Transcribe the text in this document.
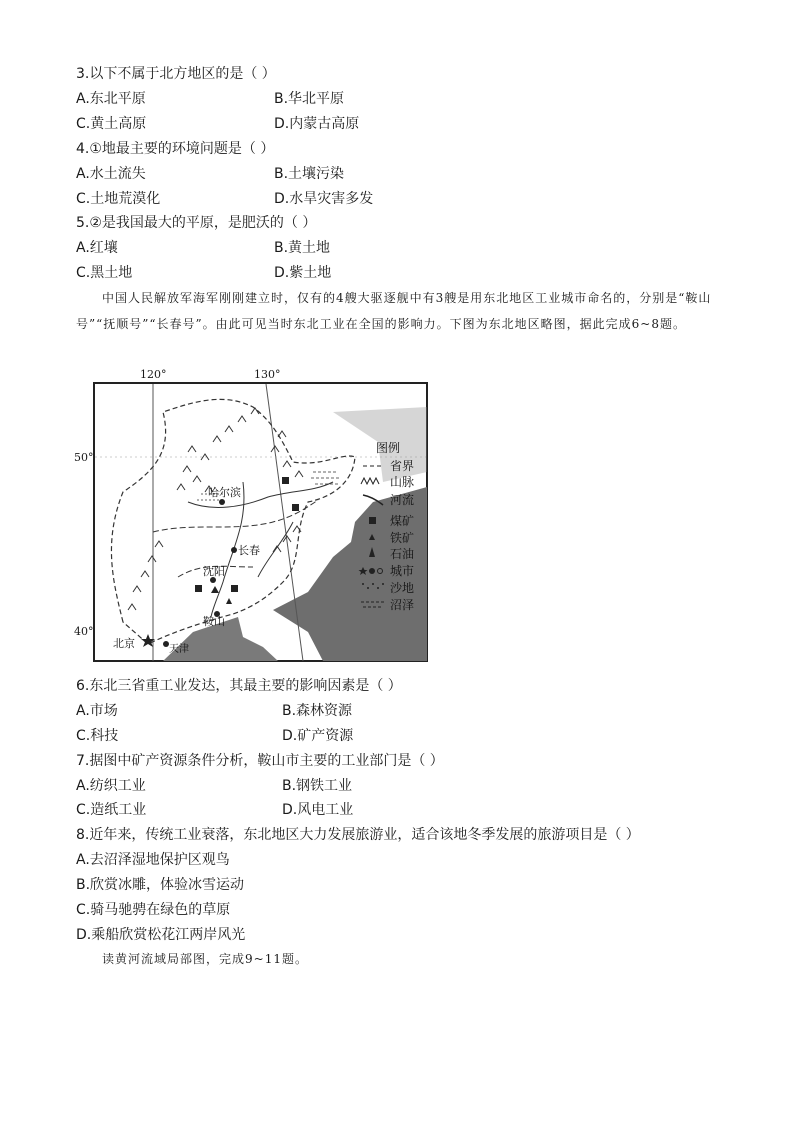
3.以下不属于北方地区的是（ ）
A.东北平原	B.华北平原
C.黄土高原	D.内蒙古高原
4.①地最主要的环境问题是（ ）
A.水土流失	B.土壤污染
C.土地荒漠化	D.水旱灾害多发
5.②是我国最大的平原，是肥沃的（ ）
A.红壤	B.黄土地
C.黑土地	D.紫土地
中国人民解放军海军刚刚建立时，仅有的4艘大驱逐舰中有3艘是用东北地区工业城市命名的，分别是“鞍山号”“抚顺号”“长春号”。由此可见当时东北工业在全国的影响力。下图为东北地区略图，据此完成6~8题。
哈尔滨
长春
沈阳
鞍山
北京	天津
图例
省界
山脉
河流
煤矿
铁矿
石油
城市
沙地
沼泽
120°	130°
50°
40°
6.东北三省重工业发达，其最主要的影响因素是（ ）
A.市场	B.森林资源
C.科技	D.矿产资源
7.据图中矿产资源条件分析，鞍山市主要的工业部门是（ ）
A.纺织工业	B.钢铁工业
C.造纸工业	D.风电工业
8.近年来，传统工业衰落，东北地区大力发展旅游业，适合该地冬季发展的旅游项目是（ ）
A.去沼泽湿地保护区观鸟
B.欣赏冰雕，体验冰雪运动
C.骑马驰骋在绿色的草原
D.乘船欣赏松花江两岸风光
读黄河流域局部图，完成9~11题。
